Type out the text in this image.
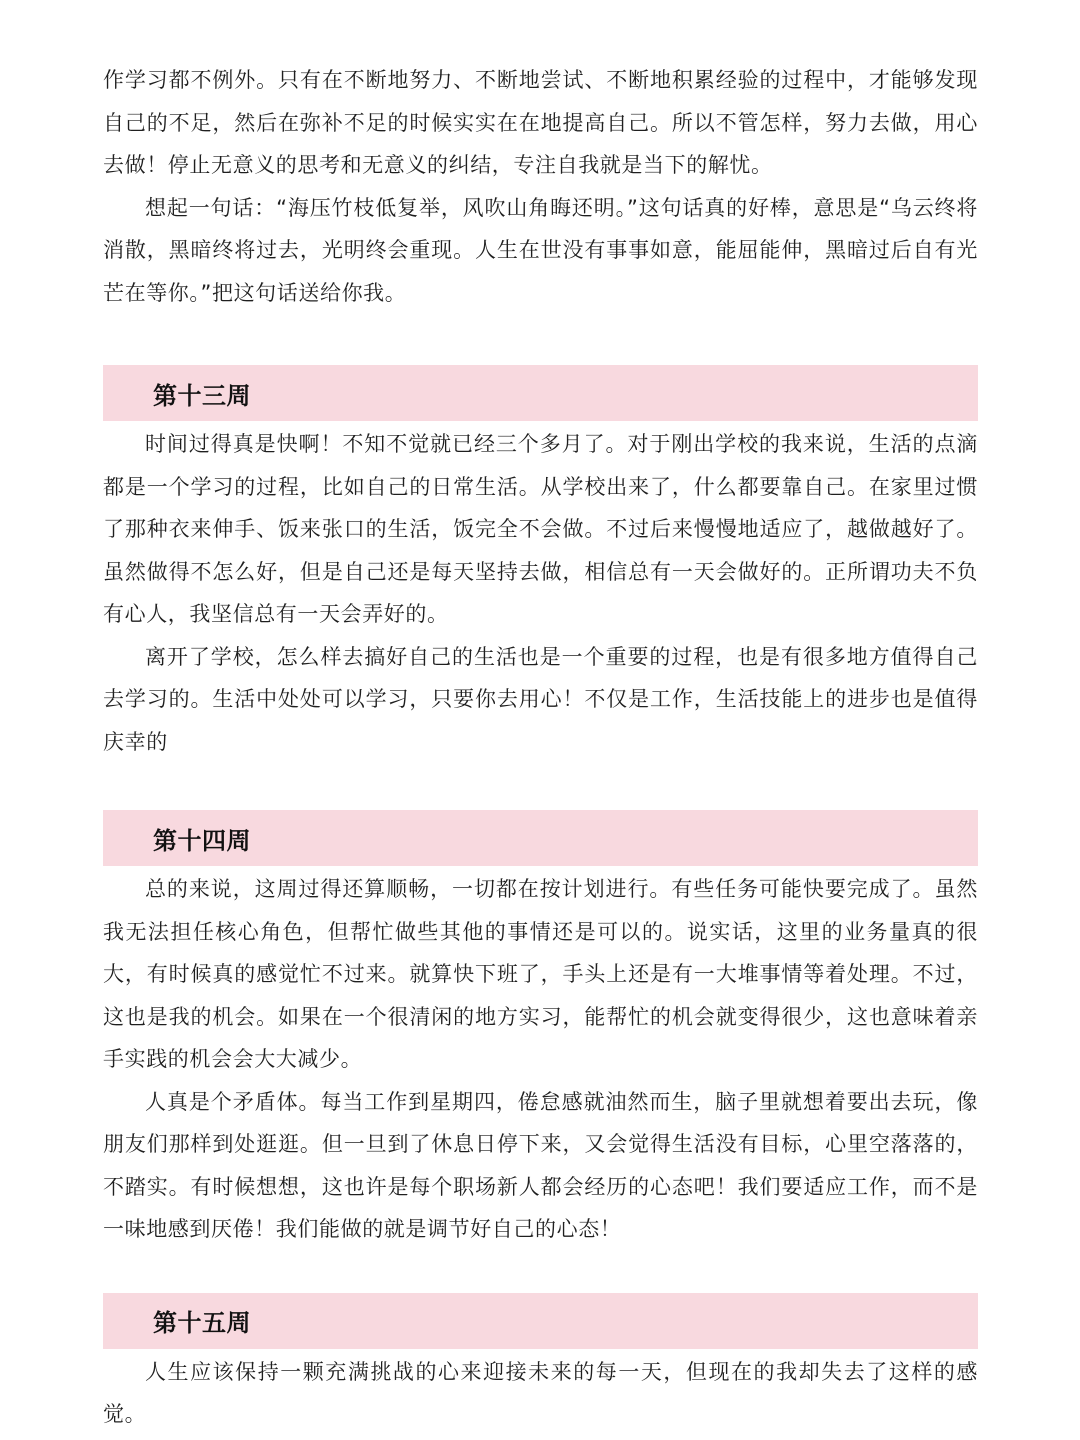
作学习都不例外。只有在不断地努力、不断地尝试、不断地积累经验的过程中，才能够发现自己的不足，然后在弥补不足的时候实实在在地提高自己。所以不管怎样，努力去做，用心去做！停止无意义的思考和无意义的纠结，专注自我就是当下的解忧。

想起一句话：“海压竹枝低复举，风吹山角晦还明。”这句话真的好棒，意思是“乌云终将消散，黑暗终将过去，光明终会重现。人生在世没有事事如意，能屈能伸，黑暗过后自有光芒在等你。”把这句话送给你我。

第十三周

时间过得真是快啊！不知不觉就已经三个多月了。对于刚出学校的我来说，生活的点滴都是一个学习的过程，比如自己的日常生活。从学校出来了，什么都要靠自己。在家里过惯了那种衣来伸手、饭来张口的生活，饭完全不会做。不过后来慢慢地适应了，越做越好了。虽然做得不怎么好，但是自己还是每天坚持去做，相信总有一天会做好的。正所谓功夫不负有心人，我坚信总有一天会弄好的。

离开了学校，怎么样去搞好自己的生活也是一个重要的过程，也是有很多地方值得自己去学习的。生活中处处可以学习，只要你去用心！不仅是工作，生活技能上的进步也是值得庆幸的

第十四周

总的来说，这周过得还算顺畅，一切都在按计划进行。有些任务可能快要完成了。虽然我无法担任核心角色，但帮忙做些其他的事情还是可以的。说实话，这里的业务量真的很大，有时候真的感觉忙不过来。就算快下班了，手头上还是有一大堆事情等着处理。不过，这也是我的机会。如果在一个很清闲的地方实习，能帮忙的机会就变得很少，这也意味着亲手实践的机会会大大减少。

人真是个矛盾体。每当工作到星期四，倦怠感就油然而生，脑子里就想着要出去玩，像朋友们那样到处逛逛。但一旦到了休息日停下来，又会觉得生活没有目标，心里空落落的，不踏实。有时候想想，这也许是每个职场新人都会经历的心态吧！我们要适应工作，而不是一味地感到厌倦！我们能做的就是调节好自己的心态！

第十五周

人生应该保持一颗充满挑战的心来迎接未来的每一天，但现在的我却失去了这样的感觉。
